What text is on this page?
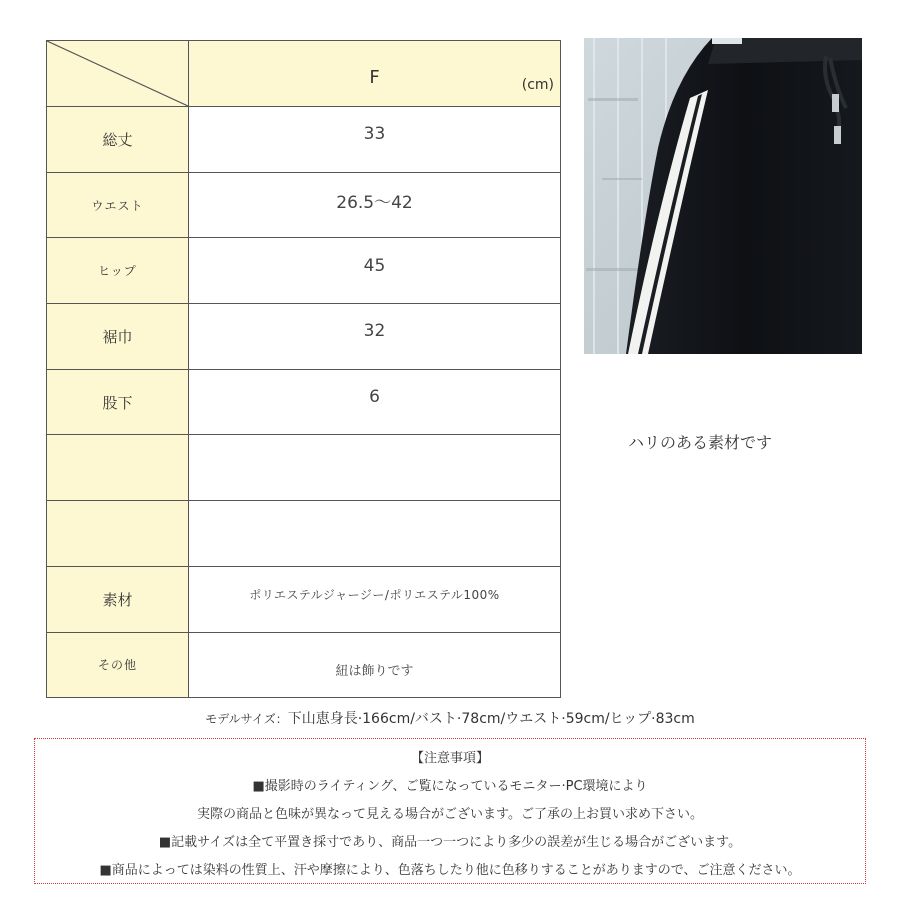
F (cm)

総丈	33

ウエスト	26.5〜42

ヒップ	45

裾巾	32

股下	6

素材	ポリエステルジャージー/ポリエステル100%

その他	紐は飾りです
ハリのある素材です
モデルサイズ：下山恵身長·166cm/バスト·78cm/ウエスト·59cm/ヒップ·83cm
【注意事項】
■撮影時のライティング、ご覧になっているモニター·PC環境により
実際の商品と色味が異なって見える場合がございます。ご了承の上お買い求め下さい。
■記載サイズは全て平置き採寸であり、商品一つ一つにより多少の誤差が生じる場合がございます。
■商品によっては染料の性質上、汗や摩擦により、色落ちしたり他に色移りすることがありますので、ご注意ください。
